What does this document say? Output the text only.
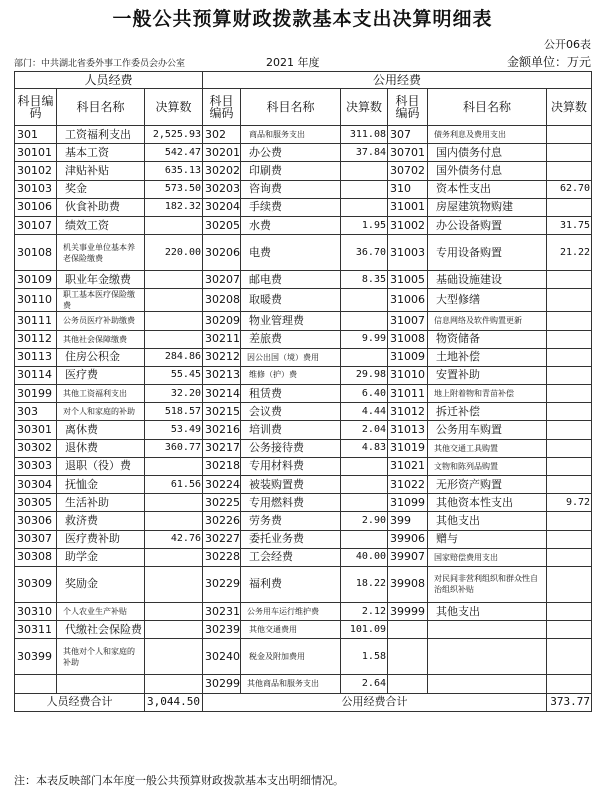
一般公共预算财政拨款基本支出决算明细表
公开06表
部门：中共湖北省委外事工作委员会办公室	2021 年度	金额单位：万元
人员经费			公用经费					
科目编码	科目名称	决算数	科目编码	科目名称	决算数	科目编码	科目名称	决算数
301	工资福利支出	2,525.93	302	商品和服务支出	311.08	307	债务利息及费用支出	
30101	基本工资	542.47	30201	办公费	37.84	30701	国内债务付息	
30102	津贴补贴	635.13	30202	印刷费		30702	国外债务付息	
30103	奖金	573.50	30203	咨询费		310	资本性支出	62.70
30106	伙食补助费	182.32	30204	手续费		31001	房屋建筑物购建	
30107	绩效工资		30205	水费	1.95	31002	办公设备购置	31.75
30108	机关事业单位基本养老保险缴费	220.00	30206	电费	36.70	31003	专用设备购置	21.22
30109	职业年金缴费		30207	邮电费	8.35	31005	基础设施建设	
30110	职工基本医疗保险缴费		30208	取暖费		31006	大型修缮	
30111	公务员医疗补助缴费		30209	物业管理费		31007	信息网络及软件购置更新	
30112	其他社会保障缴费		30211	差旅费	9.99	31008	物资储备	
30113	住房公积金	284.86	30212	因公出国（境）费用		31009	土地补偿	
30114	医疗费	55.45	30213	维修（护）费	29.98	31010	安置补助	
30199	其他工资福利支出	32.20	30214	租赁费	6.40	31011	地上附着物和青苗补偿	
303	对个人和家庭的补助	518.57	30215	会议费	4.44	31012	拆迁补偿	
30301	离休费	53.49	30216	培训费	2.04	31013	公务用车购置	
30302	退休费	360.77	30217	公务接待费	4.83	31019	其他交通工具购置	
30303	退职（役）费		30218	专用材料费		31021	文物和陈列品购置	
30304	抚恤金	61.56	30224	被装购置费		31022	无形资产购置	
30305	生活补助		30225	专用燃料费		31099	其他资本性支出	9.72
30306	救济费		30226	劳务费	2.90	399	其他支出	
30307	医疗费补助	42.76	30227	委托业务费		39906	赠与	
30308	助学金		30228	工会经费	40.00	39907	国家赔偿费用支出	
30309	奖励金		30229	福利费	18.22	39908	对民间非营利组织和群众性自治组织补贴	
30310	个人农业生产补贴		30231	公务用车运行维护费	2.12	39999	其他支出	
30311	代缴社会保险费		30239	其他交通费用	101.09			
30399	其他对个人和家庭的补助		30240	税金及附加费用	1.58			
			30299	其他商品和服务支出	2.64			
人员经费合计		3,044.50	公用经费合计					373.77
注：本表反映部门本年度一般公共预算财政拨款基本支出明细情况。
